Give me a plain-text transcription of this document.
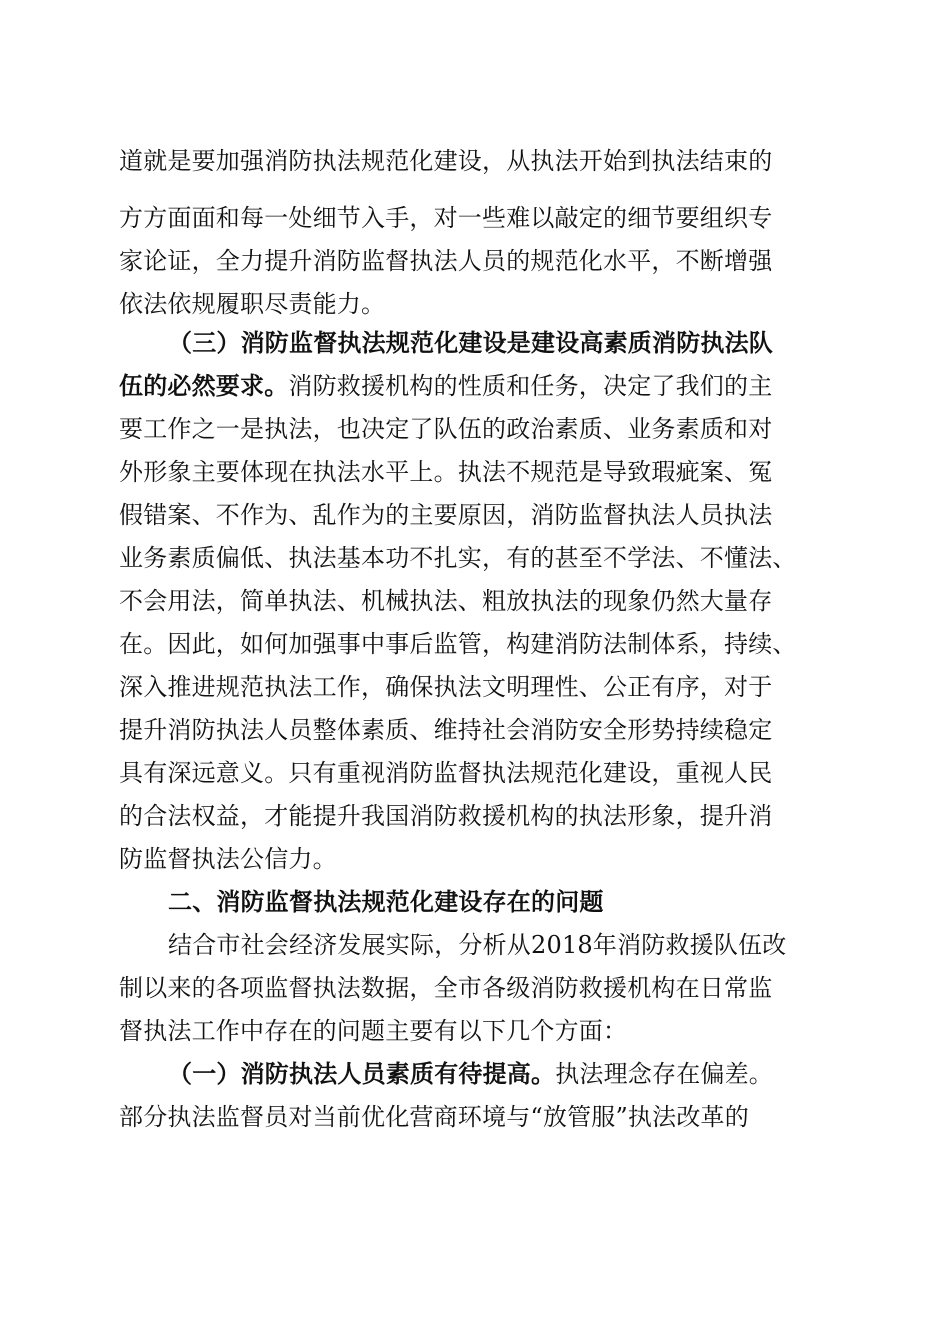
道就是要加强消防执法规范化建设，从执法开始到执法结束的
方方面面和每一处细节入手，对一些难以敲定的细节要组织专
家论证，全力提升消防监督执法人员的规范化水平，不断增强
依法依规履职尽责能力。
（三）消防监督执法规范化建设是建设高素质消防执法队
伍的必然要求。消防救援机构的性质和任务，决定了我们的主
要工作之一是执法，也决定了队伍的政治素质、业务素质和对
外形象主要体现在执法水平上。执法不规范是导致瑕疵案、冤
假错案、不作为、乱作为的主要原因，消防监督执法人员执法
业务素质偏低、执法基本功不扎实，有的甚至不学法、不懂法、
不会用法，简单执法、机械执法、粗放执法的现象仍然大量存
在。因此，如何加强事中事后监管，构建消防法制体系，持续、
深入推进规范执法工作，确保执法文明理性、公正有序，对于
提升消防执法人员整体素质、维持社会消防安全形势持续稳定
具有深远意义。只有重视消防监督执法规范化建设，重视人民
的合法权益，才能提升我国消防救援机构的执法形象，提升消
防监督执法公信力。
二、消防监督执法规范化建设存在的问题
结合市社会经济发展实际，分析从2018年消防救援队伍改
制以来的各项监督执法数据，全市各级消防救援机构在日常监
督执法工作中存在的问题主要有以下几个方面：
（一）消防执法人员素质有待提高。执法理念存在偏差。
部分执法监督员对当前优化营商环境与“放管服”执法改革的
